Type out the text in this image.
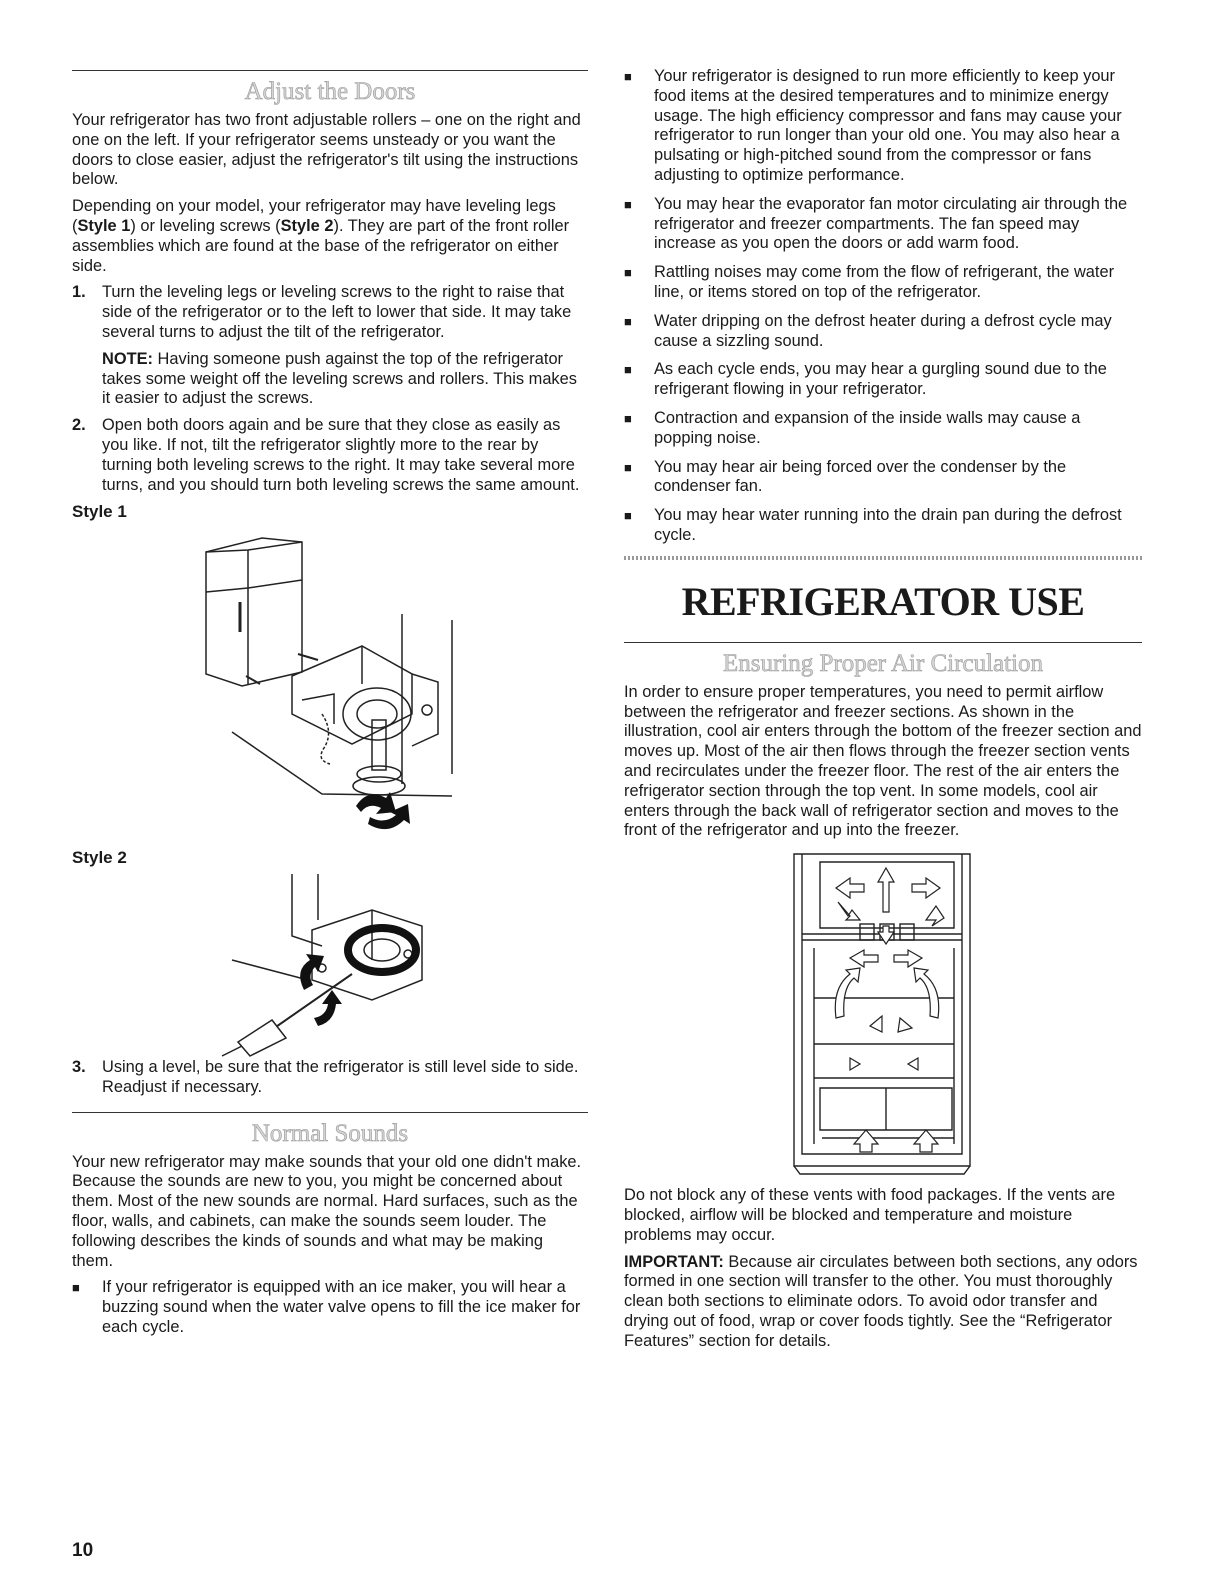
Adjust the Doors

Your refrigerator has two front adjustable rollers – one on the right and one on the left. If your refrigerator seems unsteady or you want the doors to close easier, adjust the refrigerator's tilt using the instructions below.

Depending on your model, your refrigerator may have leveling legs (Style 1) or leveling screws (Style 2). They are part of the front roller assemblies which are found at the base of the refrigerator on either side.

1. Turn the leveling legs or leveling screws to the right to raise that side of the refrigerator or to the left to lower that side. It may take several turns to adjust the tilt of the refrigerator.

NOTE: Having someone push against the top of the refrigerator takes some weight off the leveling screws and rollers. This makes it easier to adjust the screws.

2. Open both doors again and be sure that they close as easily as you like. If not, tilt the refrigerator slightly more to the rear by turning both leveling screws to the right. It may take several more turns, and you should turn both leveling screws the same amount.
Style 1
Style 2
3. Using a level, be sure that the refrigerator is still level side to side. Readjust if necessary.
Normal Sounds

Your new refrigerator may make sounds that your old one didn't make. Because the sounds are new to you, you might be concerned about them. Most of the new sounds are normal. Hard surfaces, such as the floor, walls, and cabinets, can make the sounds seem louder. The following describes the kinds of sounds and what may be making them.

■	If your refrigerator is equipped with an ice maker, you will hear a buzzing sound when the water valve opens to fill the ice maker for each cycle.
■	Your refrigerator is designed to run more efficiently to keep your food items at the desired temperatures and to minimize energy usage. The high efficiency compressor and fans may cause your refrigerator to run longer than your old one. You may also hear a pulsating or high-pitched sound from the compressor or fans adjusting to optimize performance.
■	You may hear the evaporator fan motor circulating air through the refrigerator and freezer compartments. The fan speed may increase as you open the doors or add warm food.
■	Rattling noises may come from the flow of refrigerant, the water line, or items stored on top of the refrigerator.
■	Water dripping on the defrost heater during a defrost cycle may cause a sizzling sound.
■	As each cycle ends, you may hear a gurgling sound due to the refrigerant flowing in your refrigerator.
■	Contraction and expansion of the inside walls may cause a popping noise.
■	You may hear air being forced over the condenser by the condenser fan.
■	You may hear water running into the drain pan during the defrost cycle.
REFRIGERATOR USE
Ensuring Proper Air Circulation

In order to ensure proper temperatures, you need to permit airflow between the refrigerator and freezer sections. As shown in the illustration, cool air enters through the bottom of the freezer section and moves up. Most of the air then flows through the freezer section vents and recirculates under the freezer floor. The rest of the air enters the refrigerator section through the top vent. In some models, cool air enters through the back wall of refrigerator section and moves to the front of the refrigerator and up into the freezer.

Do not block any of these vents with food packages. If the vents are blocked, airflow will be blocked and temperature and moisture problems may occur.

IMPORTANT: Because air circulates between both sections, any odors formed in one section will transfer to the other. You must thoroughly clean both sections to eliminate odors. To avoid odor transfer and drying out of food, wrap or cover foods tightly. See the “Refrigerator Features” section for details.

10
